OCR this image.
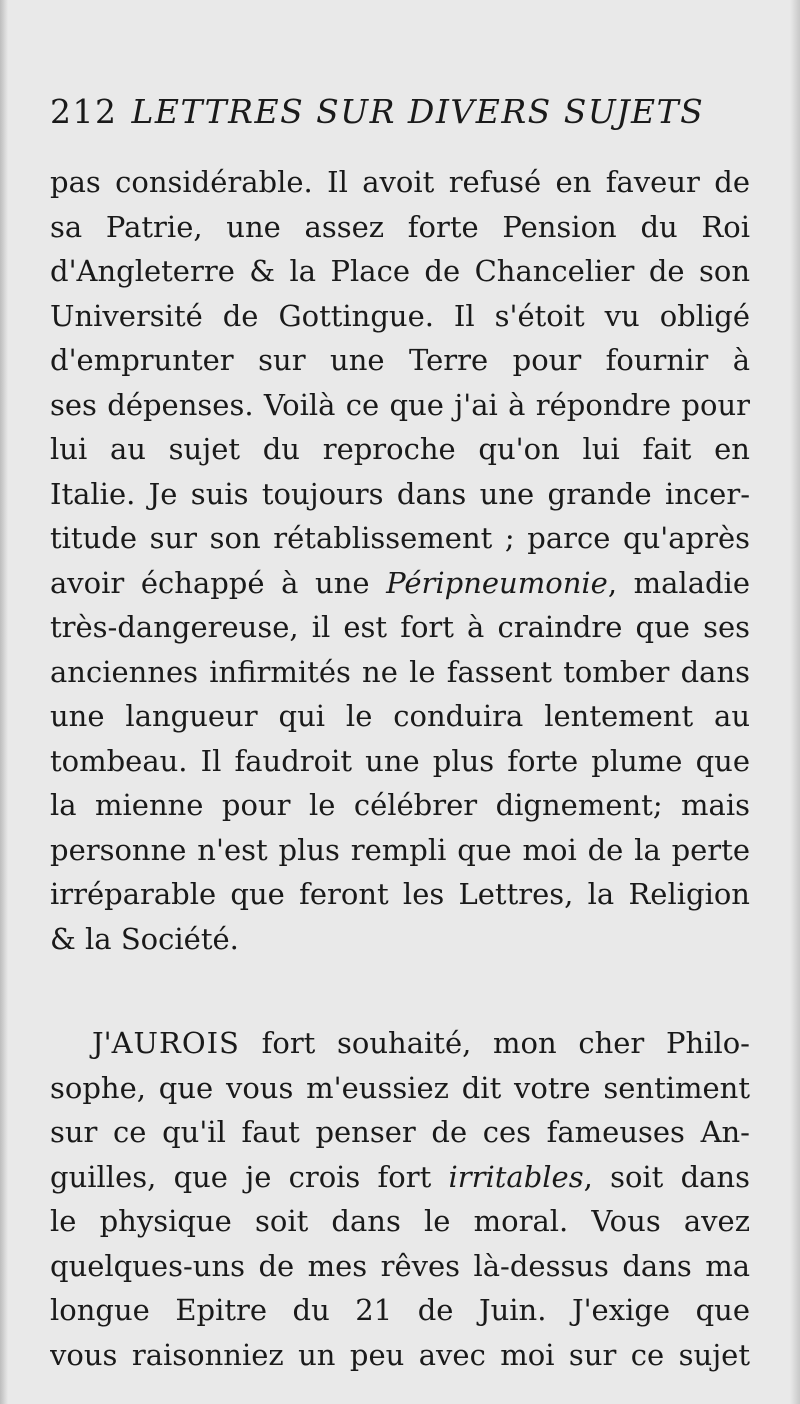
212 LETTRES SUR DIVERS SUJETS
pas considérable. Il avoit refusé en faveur de
sa Patrie, une assez forte Pension du Roi
d'Angleterre & la Place de Chancelier de son
Université de Gottingue. Il s'étoit vu obligé
d'emprunter sur une Terre pour fournir à
ses dépenses. Voilà ce que j'ai à répondre pour
lui au sujet du reproche qu'on lui fait en
Italie. Je suis toujours dans une grande incer-
titude sur son rétablissement ; parce qu'après
avoir échappé à une Péripneumonie, maladie
très-dangereuse, il est fort à craindre que ses
anciennes infirmités ne le fassent tomber dans
une langueur qui le conduira lentement au
tombeau. Il faudroit une plus forte plume que
la mienne pour le célébrer dignement; mais
personne n'est plus rempli que moi de la perte
irréparable que feront les Lettres, la Religion
& la Société.
J'AUROIS fort souhaité, mon cher Philo-
sophe, que vous m'eussiez dit votre sentiment
sur ce qu'il faut penser de ces fameuses An-
guilles, que je crois fort irritables, soit dans
le physique soit dans le moral. Vous avez
quelques-uns de mes rêves là-dessus dans ma
longue Epitre du 21 de Juin. J'exige que
vous raisonniez un peu avec moi sur ce sujet
